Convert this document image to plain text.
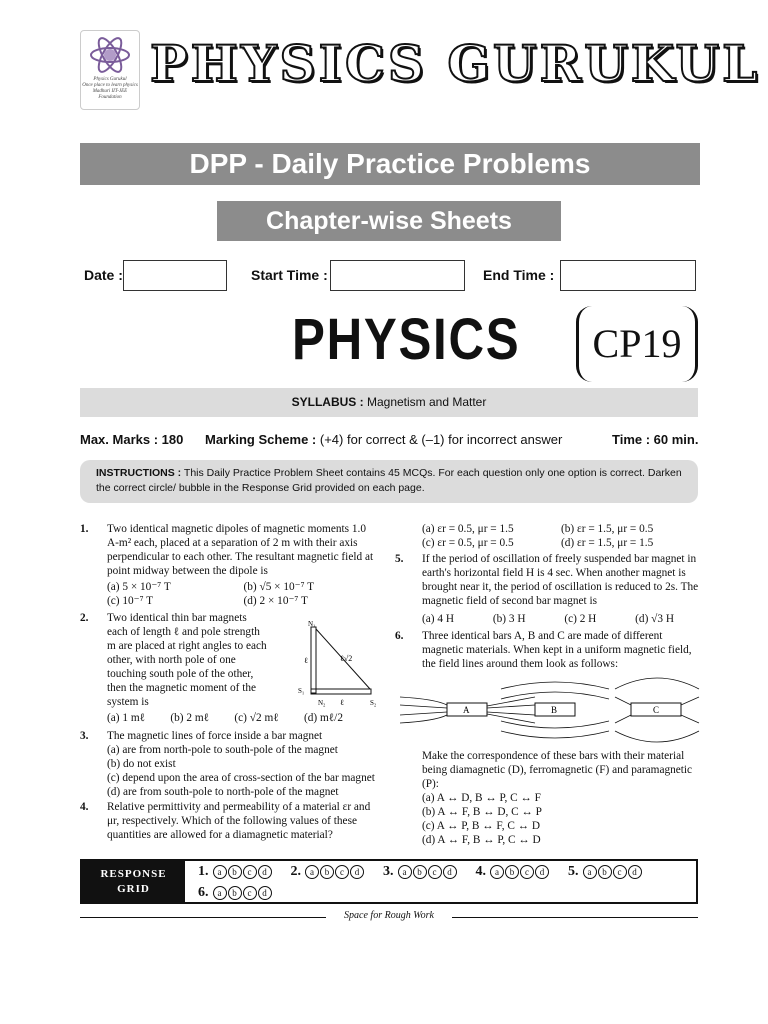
Physics Gurukul
Once place to learn physics
Madhuri IIT-JEE Foundation
PHYSICS GURUKUL
DPP - Daily Practice Problems
Chapter-wise Sheets
Date :	Start Time :	End Time :
PHYSICS	CP19
SYLLABUS : Magnetism and Matter
Max. Marks : 180 Marking Scheme : (+4) for correct & (–1) for incorrect answer	Time : 60 min.
INSTRUCTIONS : This Daily Practice Problem Sheet contains 45 MCQs. For each question only one option is correct. Darken the correct circle/ bubble in the Response Grid provided on each page.
1. Two identical magnetic dipoles of magnetic moments 1.0 A-m² each, placed at a separation of 2 m with their axis perpendicular to each other. The resultant magnetic field at point midway between the dipole is
(a) 5 × 10⁻⁷ T	(b) √5 × 10⁻⁷ T
(c) 10⁻⁷ T	(d) 2 × 10⁻⁷ T
2. Two identical thin bar magnets each of length ℓ and pole strength m are placed at right angles to each other, with north pole of one touching south pole of the other, then the magnetic moment of the system is
N₁
S₁
N₂	S₂
ℓ
ℓ
ℓ√2
(a) 1 mℓ (b) 2 mℓ (c) √2 mℓ (d) mℓ/2
3. The magnetic lines of force inside a bar magnet
(a) are from north-pole to south-pole of the magnet
(b) do not exist
(c) depend upon the area of cross-section of the bar magnet
(d) are from south-pole to north-pole of the magnet
4. Relative permittivity and permeability of a material εr and μr, respectively. Which of the following values of these quantities are allowed for a diamagnetic material?
(a) εr = 0.5, μr = 1.5	(b) εr = 1.5, μr = 0.5
(c) εr = 0.5, μr = 0.5	(d) εr = 1.5, μr = 1.5
5. If the period of oscillation of freely suspended bar magnet in earth's horizontal field H is 4 sec. When another magnet is brought near it, the period of oscillation is reduced to 2s. The magnetic field of second bar magnet is
(a) 4 H	(b) 3 H	(c) 2 H	(d) √3 H
6. Three identical bars A, B and C are made of different magnetic materials. When kept in a uniform magnetic field, the field lines around them look as follows:
A	B	C
Make the correspondence of these bars with their material being diamagnetic (D), ferromagnetic (F) and paramagnetic (P):
(a) A ↔ D, B ↔ P, C ↔ F
(b) A ↔ F, B ↔ D, C ↔ P
(c) A ↔ P, B ↔ F, C ↔ D
(d) A ↔ F, B ↔ P, C ↔ D
RESPONSE
GRID
1.	a	b	c	d	2.	a	b	c	d	3.	a	b	c	d	4.	a	b	c	d	5.	a	b	c	d
6.	a	b	c	d
Space for Rough Work
